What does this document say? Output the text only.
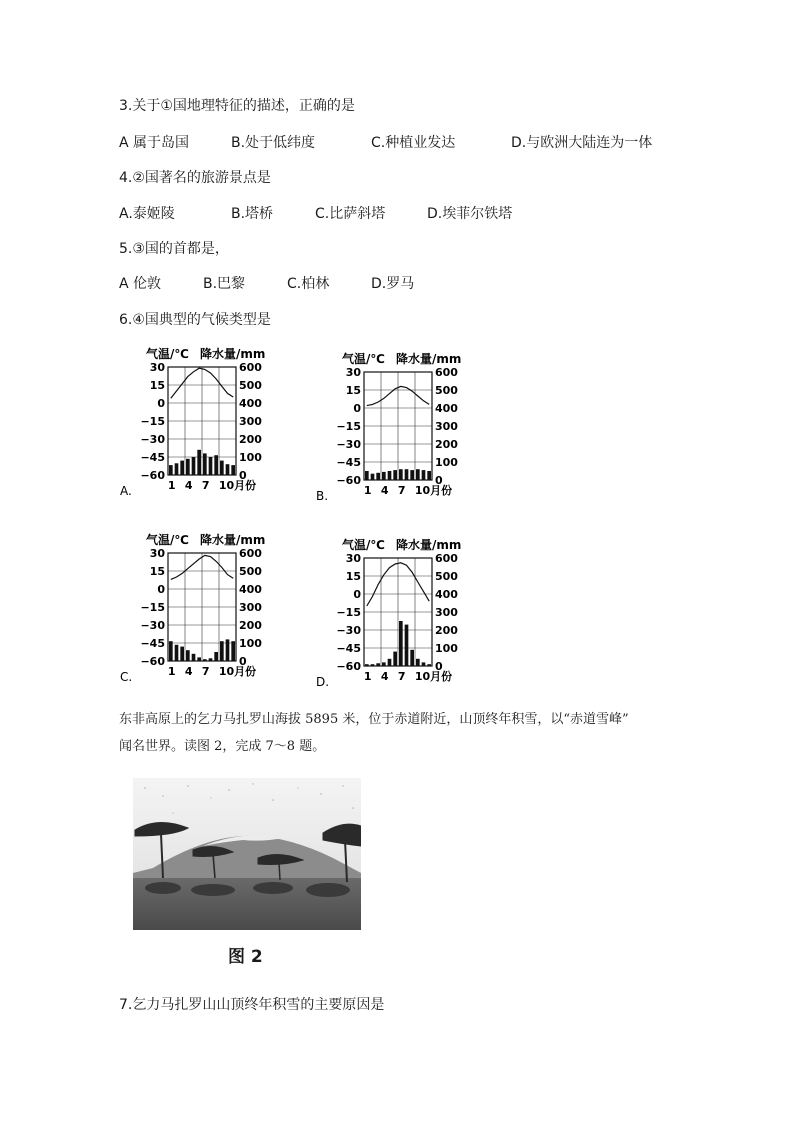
3.关于①国地理特征的描述，正确的是
A 属于岛国	B.处于低纬度	C.种植业发达	D.与欧洲大陆连为一体
4.②国著名的旅游景点是
A.泰姬陵	B.塔桥	C.比萨斜塔	D.埃菲尔铁塔
5.③国的首都是，
A 伦敦	B.巴黎	C.柏林	D.罗马
6.④国典型的气候类型是
气温/℃ 降水量/mm
30
15
0
−15
−30
−45
−60
600
500
400
300
200
100
0
1 4 7 10月份
A.
气温/℃ 降水量/mm
30
15
0
−15
−30
−45
−60
600
500
400
300
200
100
0
1 4 7 10月份
B.
气温/℃ 降水量/mm
30
15
0
−15
−30
−45
−60
600
500
400
300
200
100
0
1 4 7 10月份
C.
气温/℃ 降水量/mm
30
15
0
−15
−30
−45
−60
600
500
400
300
200
100
0
1 4 7 10月份
D.
东非高原上的乞力马扎罗山海拔 5895 米，位于赤道附近，山顶终年积雪，以“赤道雪峰”
闻名世界。读图 2，完成 7～8 题。
图 2
7.乞力马扎罗山山顶终年积雪的主要原因是
